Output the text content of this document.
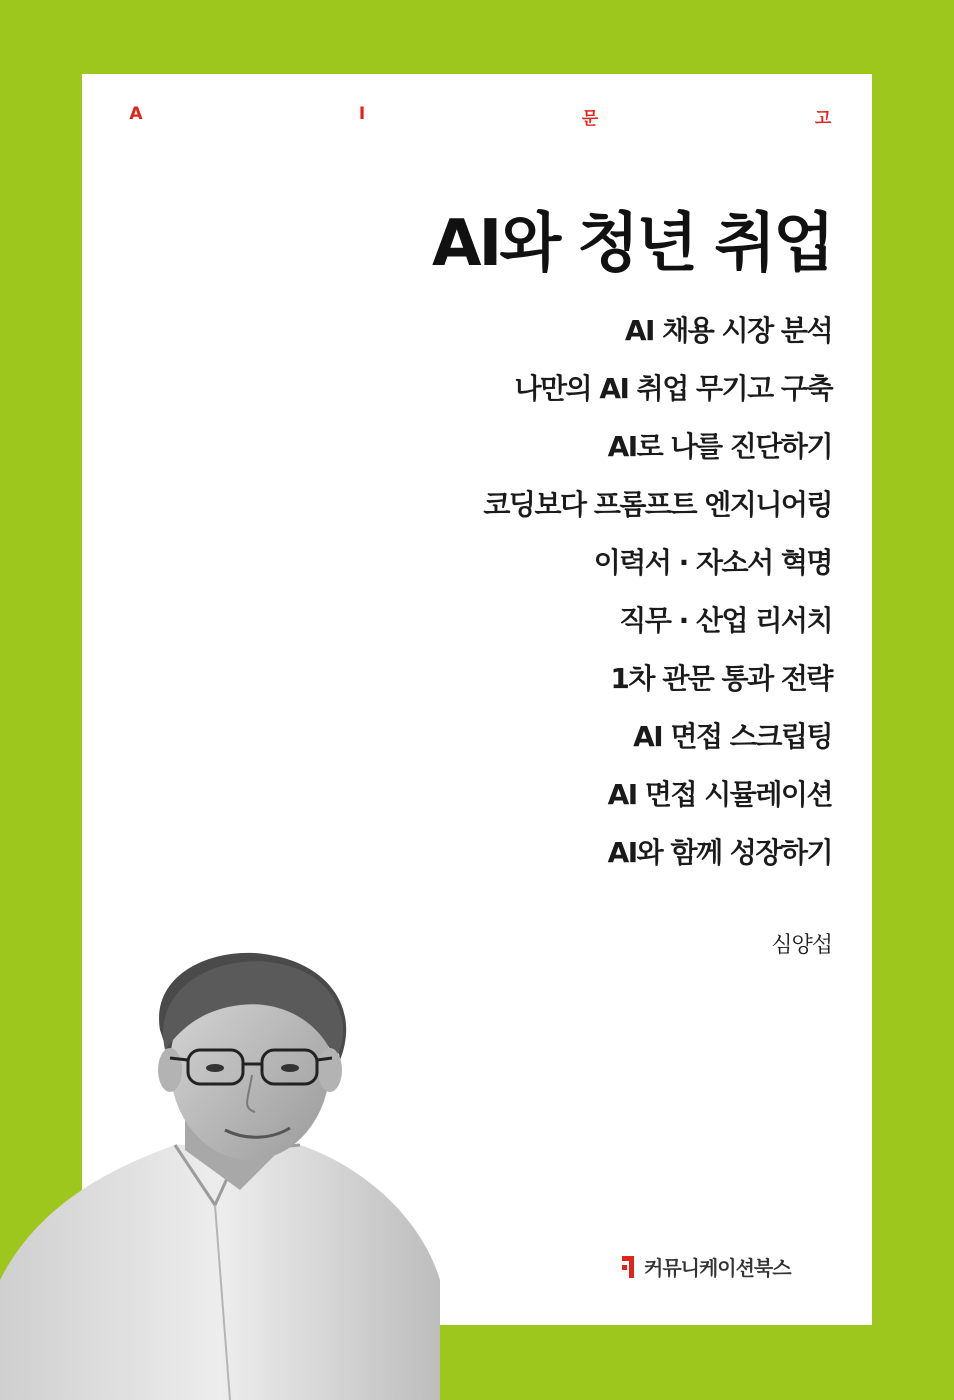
A	I	문	고
AI와 청년 취업
AI 채용 시장 분석
나만의 AI 취업 무기고 구축
AI로 나를 진단하기
코딩보다 프롬프트 엔지니어링
이력서 · 자소서 혁명
직무 · 산업 리서치
1차 관문 통과 전략
AI 면접 스크립팅
AI 면접 시뮬레이션
AI와 함께 성장하기
심양섭
커뮤니케이션북스
